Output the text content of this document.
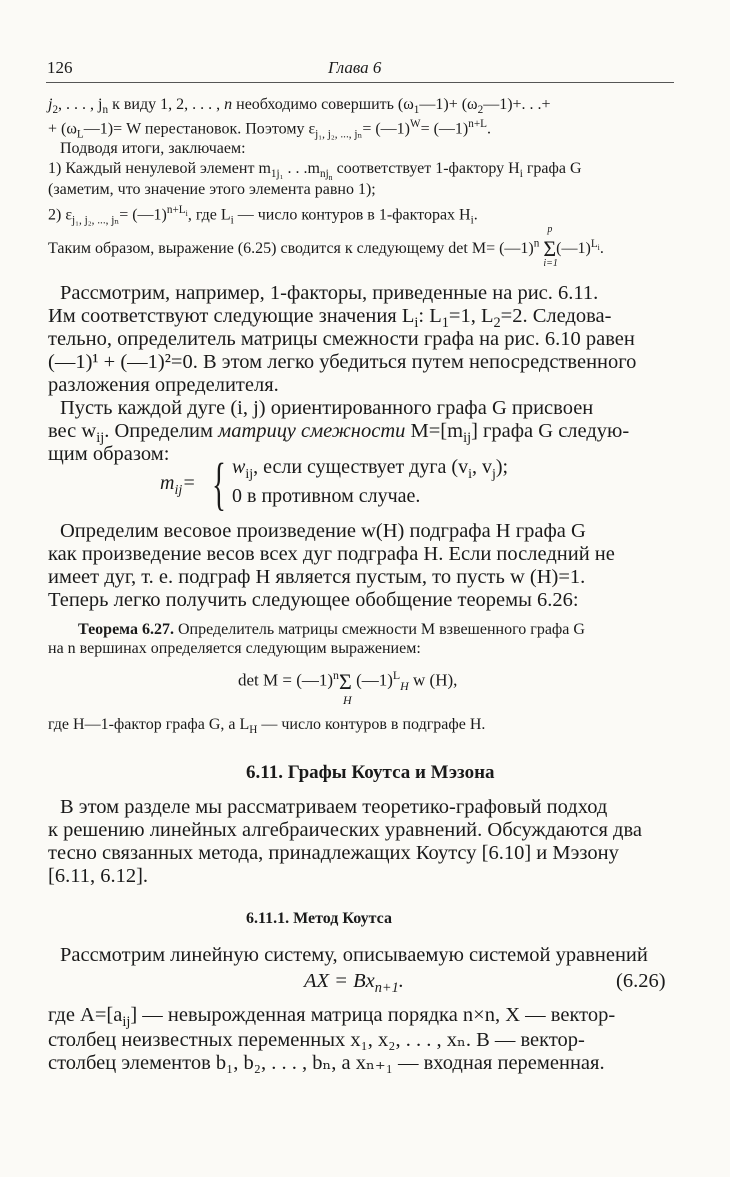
126	Глава 6
$j_2$, . . . , $j_n$ к виду 1, 2, . . . , n необходимо совершить $(\omega_1—1)+$ $(\omega_2—1)+$. . .+
+ $(\omega_L—1)= W$ перестановок. Поэтому $\varepsilon_{j_1, j_2, ..., j_n}=$ (—1)$^W$= (—1)$^{n+L}$.
Подводя итоги, заключаем:
1) Каждый ненулевой элемент $m_{1j_1}$ . . $.m_{nj_n}$ соответствует 1-фактору $H_i$ графа G
(заметим, что значение этого элемента равно 1);
2) $\varepsilon_{j_1, j_2, ..., j_n}=$ (—1)$^{n+L_i}$, где $L_i$ — число контуров в 1-факторах $H_i$.
Таким образом, выражение (6.25) сводится к следующему det M= (—1)$^n$ Σ
p
i=1
(—1)$^{L_i}$.
Рассмотрим, например, 1-факторы, приведенные на рис. 6.11.
Им соответствуют следующие значения $L_i$: $L_1=1$, $L_2=2$. Следова-
тельно, определитель матрицы смежности графа на рис. 6.10 равен
(—1)¹ + (—1)²=0. В этом легко убедиться путем непосредственного
разложения определителя.
Пусть каждой дуге (i, j) ориентированного графа G присвоен
вес $w_{ij}$. Определим матрицу смежности $M=[m_{ij}]$ графа G следую-
щим образом:
$m_{ij}=$ { $w_{ij}$, если существует дуга ($v_i$, $v_j$);
0 в противном случае.
Определим весовое произведение w(H) подграфа H графа G
как произведение весов всех дуг подграфа H. Если последний не
имеет дуг, т. е. подграф H является пустым, то пусть w (H)=1.
Теперь легко получить следующее обобщение теоремы 6.26:
Теорема 6.27. Определитель матрицы смежности M взвешенного графа G
на n вершинах определяется следующим выражением:
det M = (—1)$^n$Σ
H
(—1)$^L_H$ w (H),
где H—1-фактор графа G, а $L_H$ — число контуров в подграфе H.
6.11. Графы Коутса и Мэзона
В этом разделе мы рассматриваем теоретико-графовый подход
к решению линейных алгебраических уравнений. Обсуждаются два
тесно связанных метода, принадлежащих Коутсу [6.10] и Мэзону
[6.11, 6.12].
6.11.1. Метод Коутса
Рассмотрим линейную систему, описываемую системой уравнений
AX = $Bx_{n+1}$.	(6.26)
где $A=[a_{ij}]$ — невырожденная матрица порядка n×n, X — вектор-
столбец неизвестных переменных x₁, x₂, . . . , xₙ. B — вектор-
столбец элементов b₁, b₂, . . . , bₙ, а xₙ₊₁ — входная переменная.
